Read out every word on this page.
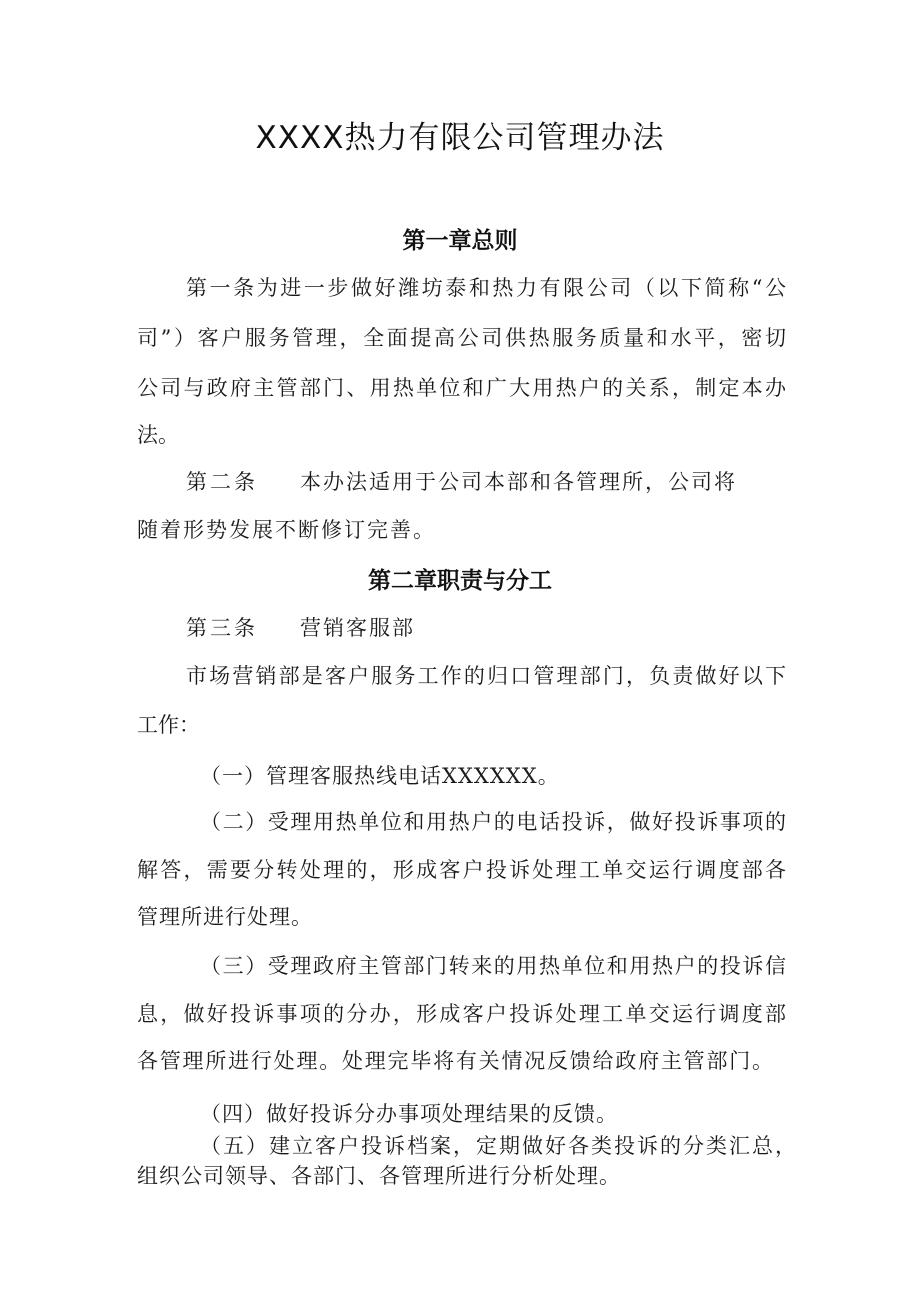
XXXX热力有限公司管理办法
第一章总则
第一条为进一步做好潍坊泰和热力有限公司（以下简称“公
司”）客户服务管理，全面提高公司供热服务质量和水平，密切
公司与政府主管部门、用热单位和广大用热户的关系，制定本办
法。
第二条 本办法适用于公司本部和各管理所，公司将
随着形势发展不断修订完善。
第二章职责与分工
第三条 营销客服部
市场营销部是客户服务工作的归口管理部门，负责做好以下
工作：
（一）管理客服热线电话XXXXXX。
（二）受理用热单位和用热户的电话投诉，做好投诉事项的
解答，需要分转处理的，形成客户投诉处理工单交运行调度部各
管理所进行处理。
（三）受理政府主管部门转来的用热单位和用热户的投诉信
息，做好投诉事项的分办，形成客户投诉处理工单交运行调度部
各管理所进行处理。处理完毕将有关情况反馈给政府主管部门。
（四）做好投诉分办事项处理结果的反馈。
（五）建立客户投诉档案，定期做好各类投诉的分类汇总，
组织公司领导、各部门、各管理所进行分析处理。
